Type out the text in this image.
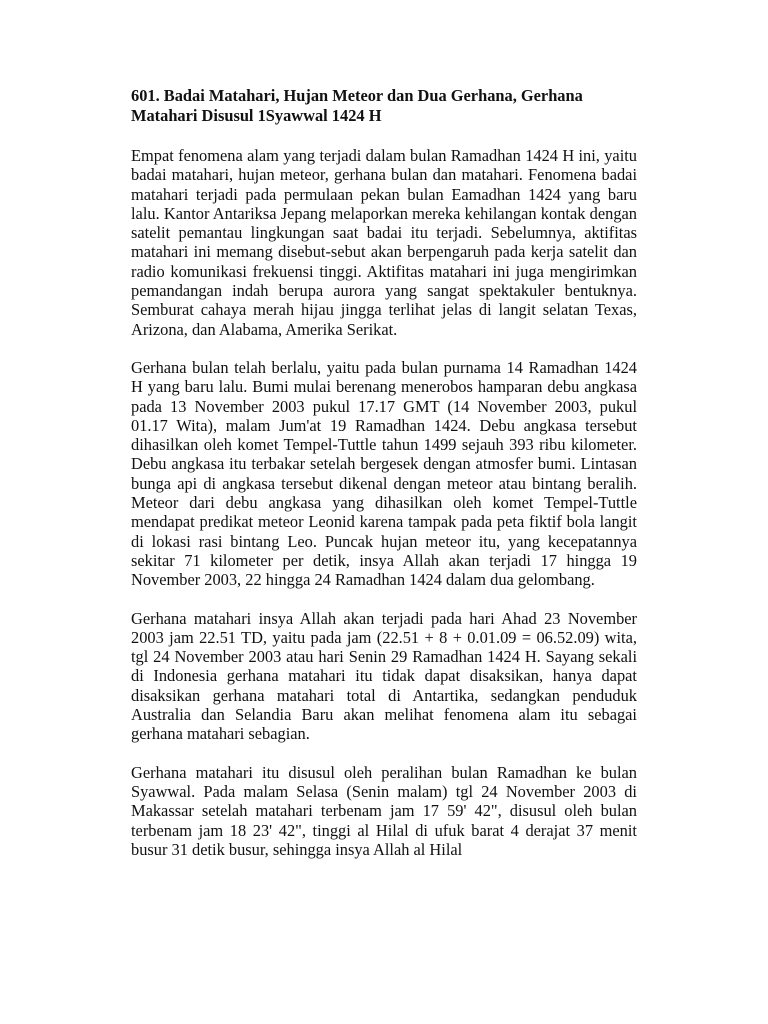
601. Badai Matahari, Hujan Meteor dan Dua Gerhana, Gerhana Matahari Disusul 1Syawwal 1424 H

Empat fenomena alam yang terjadi dalam bulan Ramadhan 1424 H ini, yaitu badai matahari, hujan meteor, gerhana bulan dan matahari. Fenomena badai matahari terjadi pada permulaan pekan bulan Eamadhan 1424 yang baru lalu. Kantor Antariksa Jepang melaporkan mereka kehilangan kontak dengan satelit pemantau lingkungan saat badai itu terjadi. Sebelumnya, aktifitas matahari ini memang disebut-sebut akan berpengaruh pada kerja satelit dan radio komunikasi frekuensi tinggi. Aktifitas matahari ini juga mengirimkan pemandangan indah berupa aurora yang sangat spektakuler bentuknya. Semburat cahaya merah hijau jingga terlihat jelas di langit selatan Texas, Arizona, dan Alabama, Amerika Serikat.

Gerhana bulan telah berlalu, yaitu pada bulan purnama 14 Ramadhan 1424 H yang baru lalu. Bumi mulai berenang menerobos hamparan debu angkasa pada 13 November 2003 pukul 17.17 GMT (14 November 2003, pukul 01.17 Wita), malam Jum'at 19 Ramadhan 1424. Debu angkasa tersebut dihasilkan oleh komet Tempel-Tuttle tahun 1499 sejauh 393 ribu kilometer. Debu angkasa itu terbakar setelah bergesek dengan atmosfer bumi. Lintasan bunga api di angkasa tersebut dikenal dengan meteor atau bintang beralih. Meteor dari debu angkasa yang dihasilkan oleh komet Tempel-Tuttle mendapat predikat meteor Leonid karena tampak pada peta fiktif bola langit di lokasi rasi bintang Leo. Puncak hujan meteor itu, yang kecepatannya sekitar 71 kilometer per detik, insya Allah akan terjadi 17 hingga 19 November 2003, 22 hingga 24 Ramadhan 1424 dalam dua gelombang.

Gerhana matahari insya Allah akan terjadi pada hari Ahad 23 November 2003 jam 22.51 TD, yaitu pada jam (22.51 + 8 + 0.01.09 = 06.52.09) wita, tgl 24 November 2003 atau hari Senin 29 Ramadhan 1424 H. Sayang sekali di Indonesia gerhana matahari itu tidak dapat disaksikan, hanya dapat disaksikan gerhana matahari total di Antartika, sedangkan penduduk Australia dan Selandia Baru akan melihat fenomena alam itu sebagai gerhana matahari sebagian.

Gerhana matahari itu disusul oleh peralihan bulan Ramadhan ke bulan Syawwal. Pada malam Selasa (Senin malam) tgl 24 November 2003 di Makassar setelah matahari terbenam jam 17 59' 42", disusul oleh bulan terbenam jam 18 23' 42", tinggi al Hilal di ufuk barat 4 derajat 37 menit busur 31 detik busur, sehingga insya Allah al Hilal
